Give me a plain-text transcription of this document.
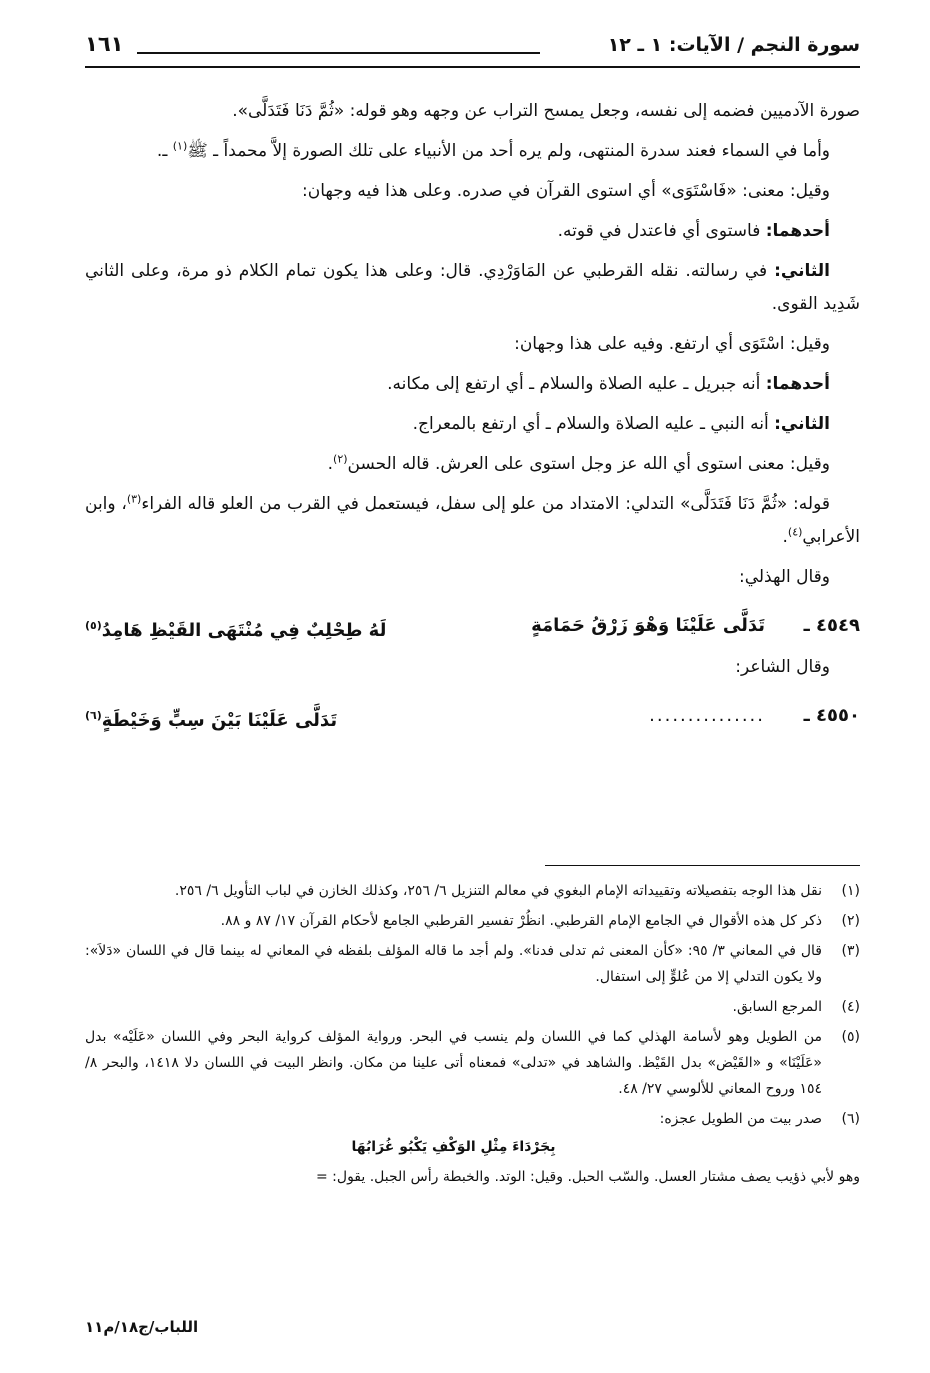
سورة النجم / الآيات: ١ ـ ١٢
١٦١

صورة الآدميين فضمه إلى نفسه، وجعل يمسح التراب عن وجهه وهو قوله: «ثُمَّ دَنَا فَتَدَلَّى».

وأما في السماء فعند سدرة المنتهى، ولم يره أحد من الأنبياء على تلك الصورة إلاَّ محمداً ـ ﷺ$^{(١)}$ ـ.

وقيل: معنى: «فَاسْتَوَى» أي استوى القرآن في صدره. وعلى هذا فيه وجهان:

أحدهما: فاستوى أي فاعتدل في قوته.

الثاني: في رسالته. نقله القرطبي عن المَاوَرْدِي. قال: وعلى هذا يكون تمام الكلام ذو مرة، وعلى الثاني شَدِيد القوى.

وقيل: اسْتَوَى أي ارتفع. وفيه على هذا وجهان:

أحدهما: أنه جبريل ـ عليه الصلاة والسلام ـ أي ارتفع إلى مكانه.

الثاني: أنه النبي ـ عليه الصلاة والسلام ـ أي ارتفع بالمعراج.

وقيل: معنى استوى أي الله عز وجل استوى على العرش. قاله الحسن$^{(٢)}$.

قوله: «ثُمَّ دَنَا فَتَدَلَّى» التدلي: الامتداد من علو إلى سفل، فيستعمل في القرب من العلو قاله الفراء$^{(٣)}$، وابن الأعرابي$^{(٤)}$.

وقال الهذلي:

٤٥٤٩ ـ
تَدَلَّى عَلَيْنَا وَهْوَ زَرْقُ حَمَامَةٍ
لَهُ طِحْلِبٌ فِي مُنْتَهَى القَيْظِ هَامِدُ$^{(٥)}$

وقال الشاعر:

٤٥٥٠ ـ
...............
تَدَلَّى عَلَيْنَا بَيْنَ سِبٍّ وَخَيْطَةٍ$^{(٦)}$
(١)
نقل هذا الوجه بتفصيلاته وتقييداته الإمام البغوي في معالم التنزيل ٦/ ٢٥٦، وكذلك الخازن في لباب التأويل ٦/ ٢٥٦.
(٢)
ذكر كل هذه الأقوال في الجامع الإمام القرطبي. انظُرْ تفسير القرطبي الجامع لأحكام القرآن ١٧/ ٨٧ و ٨٨.
(٣)
قال في المعاني ٣/ ٩٥: «كأن المعنى ثم تدلى فدنا». ولم أجد ما قاله المؤلف بلفظه في المعاني له بينما قال في اللسان «دَلاَ»: ولا يكون التدلي إلا من عُلوٍّ إلى استفال.
(٤)
المرجع السابق.
(٥)
من الطويل وهو لأسامة الهذلي كما في اللسان ولم ينسب في البحر. ورواية المؤلف كرواية البحر وفي اللسان «عَلَيْه» بدل «عَلَيْنَا» و «القَيْض» بدل القَيْظ. والشاهد في «تدلى» فمعناه أتى علينا من مكان. وانظر البيت في اللسان دلا ١٤١٨، والبحر ٨/ ١٥٤ وروح المعاني للألوسي ٢٧/ ٤٨.
(٦)
صدر بيت من الطويل عجزه:
بِجَرْدَاءَ مِثْلِ الوَكْفِ يَكْبُو غُرَابُهَا
وهو لأبي ذؤيب يصف مشتار العسل. والسّب الحبل. وقيل: الوتد. والخبطة رأس الجبل. يقول: =
اللباب/ج١٨/م١١
